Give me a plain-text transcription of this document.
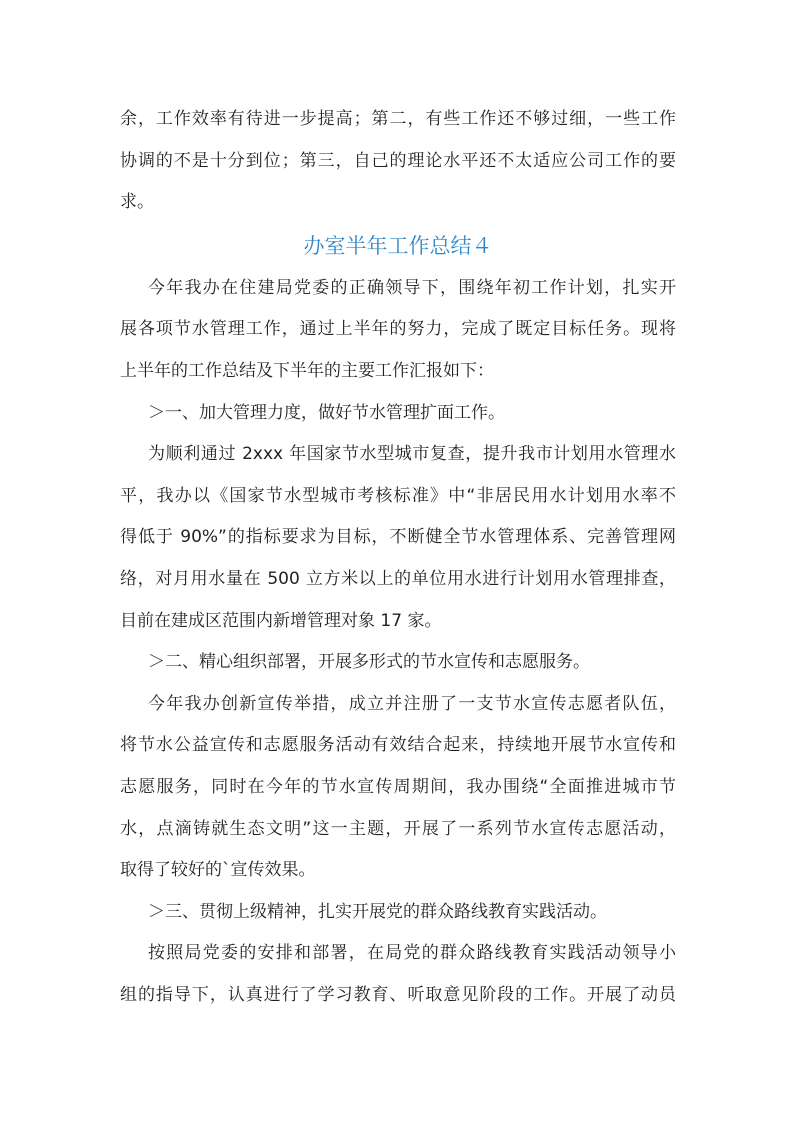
余，工作效率有待进一步提高；第二，有些工作还不够过细，一些工作
协调的不是十分到位；第三，自己的理论水平还不太适应公司工作的要
求。
办室半年工作总结４
今年我办在住建局党委的正确领导下，围绕年初工作计划，扎实开
展各项节水管理工作，通过上半年的努力，完成了既定目标任务。现将
上半年的工作总结及下半年的主要工作汇报如下：
＞一、加大管理力度，做好节水管理扩面工作。
为顺利通过 2xxx 年国家节水型城市复查，提升我市计划用水管理水
平，我办以《国家节水型城市考核标准》中“非居民用水计划用水率不
得低于 90%”的指标要求为目标，不断健全节水管理体系、完善管理网
络，对月用水量在 500 立方米以上的单位用水进行计划用水管理排查，
目前在建成区范围内新增管理对象 17 家。
＞二、精心组织部署，开展多形式的节水宣传和志愿服务。
今年我办创新宣传举措，成立并注册了一支节水宣传志愿者队伍，
将节水公益宣传和志愿服务活动有效结合起来，持续地开展节水宣传和
志愿服务，同时在今年的节水宣传周期间，我办围绕“全面推进城市节
水，点滴铸就生态文明”这一主题，开展了一系列节水宣传志愿活动，
取得了较好的`宣传效果。
＞三、贯彻上级精神，扎实开展党的群众路线教育实践活动。
按照局党委的安排和部署，在局党的群众路线教育实践活动领导小
组的指导下，认真进行了学习教育、听取意见阶段的工作。开展了动员
